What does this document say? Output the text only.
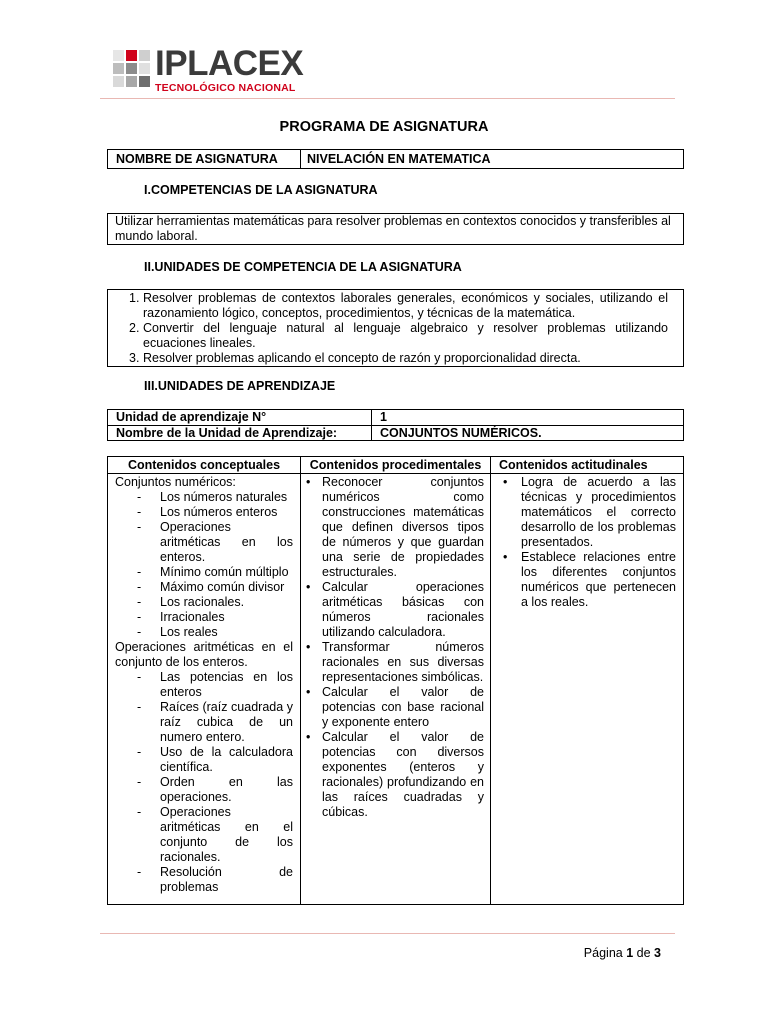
IPLACEX
TECNOLÓGICO NACIONAL
PROGRAMA DE ASIGNATURA
NOMBRE DE ASIGNATURA NIVELACIÓN EN MATEMATICA
I.COMPETENCIAS DE LA ASIGNATURA
Utilizar herramientas matemáticas para resolver problemas en contextos conocidos y transferibles al mundo laboral.
II.UNIDADES DE COMPETENCIA DE LA ASIGNATURA
1. Resolver problemas de contextos laborales generales, económicos y sociales, utilizando el razonamiento lógico, conceptos, procedimientos, y técnicas de la matemática.
2. Convertir del lenguaje natural al lenguaje algebraico y resolver problemas utilizando ecuaciones lineales.
3. Resolver problemas aplicando el concepto de razón y proporcionalidad directa.
III.UNIDADES DE APRENDIZAJE
Unidad de aprendizaje N°	1
Nombre de la Unidad de Aprendizaje:	CONJUNTOS NUMÉRICOS.
Contenidos conceptuales
Conjuntos numéricos:
- Los números naturales
- Los números enteros
- Operaciones aritméticas en los enteros.
- Mínimo común múltiplo
- Máximo común divisor
- Los racionales.
- Irracionales
- Los reales
Operaciones aritméticas en el conjunto de los enteros.
- Las potencias en los enteros
- Raíces (raíz cuadrada y raíz cubica de un numero entero.
- Uso de la calculadora científica.
- Orden en las operaciones.
- Operaciones aritméticas en el conjunto de los racionales.
- Resolución de problemas
Contenidos procedimentales
• Reconocer conjuntos numéricos como construcciones matemáticas que definen diversos tipos de números y que guardan una serie de propiedades estructurales.
• Calcular operaciones aritméticas básicas con números racionales utilizando calculadora.
• Transformar números racionales en sus diversas representaciones simbólicas.
• Calcular el valor de potencias con base racional y exponente entero
• Calcular el valor de potencias con diversos exponentes (enteros y racionales) profundizando en las raíces cuadradas y cúbicas.
Contenidos actitudinales
• Logra de acuerdo a las técnicas y procedimientos matemáticos el correcto desarrollo de los problemas presentados.
• Establece relaciones entre los diferentes conjuntos numéricos que pertenecen a los reales.
Página 1 de 3
